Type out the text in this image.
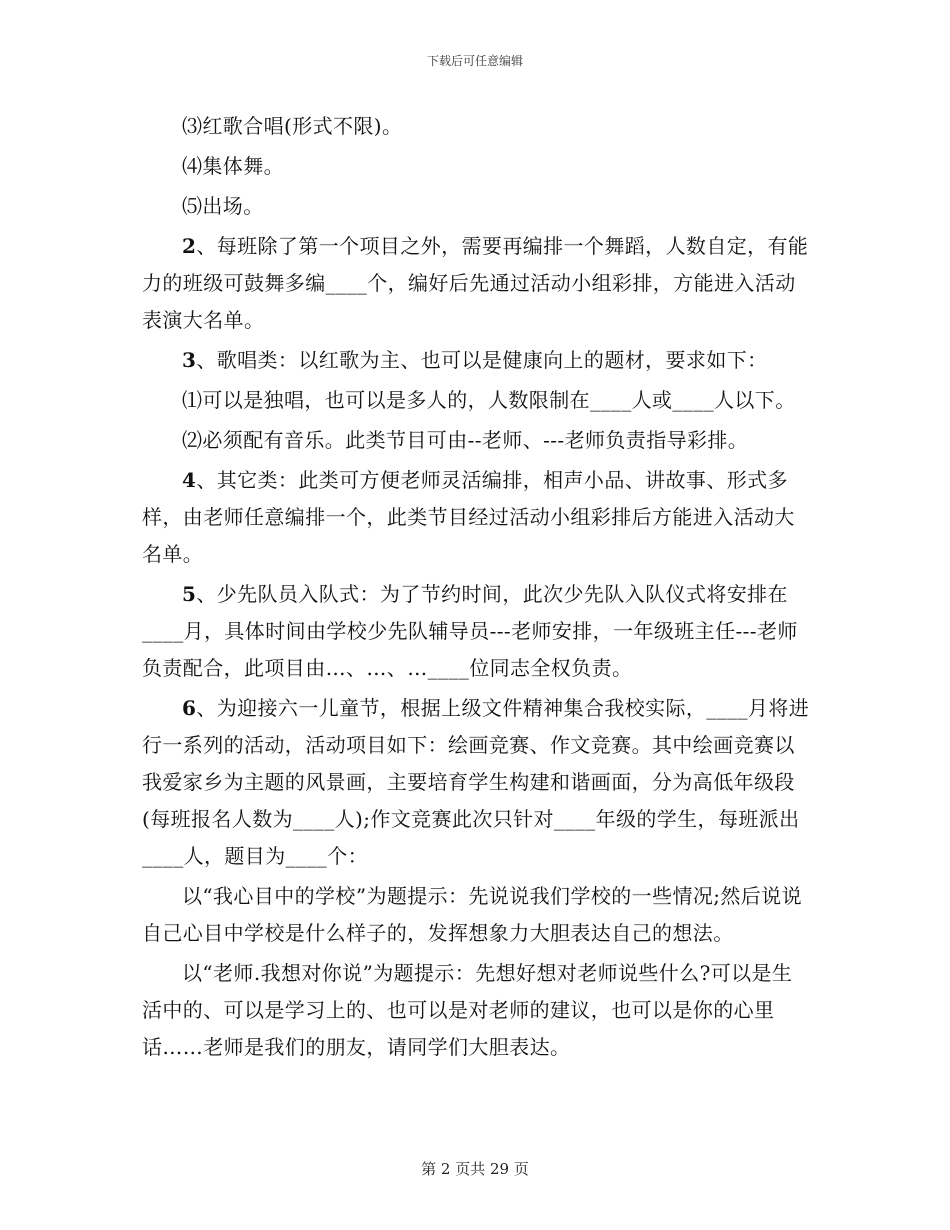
下载后可任意编辑

⑶红歌合唱(形式不限)。

⑷集体舞。

⑸出场。

2、每班除了第一个项目之外，需要再编排一个舞蹈，人数自定，有能力的班级可鼓舞多编____个，编好后先通过活动小组彩排，方能进入活动表演大名单。

3、歌唱类：以红歌为主、也可以是健康向上的题材，要求如下：

⑴可以是独唱，也可以是多人的，人数限制在____人或____人以下。

⑵必须配有音乐。此类节目可由--老师、---老师负责指导彩排。

4、其它类：此类可方便老师灵活编排，相声小品、讲故事、形式多样，由老师任意编排一个，此类节目经过活动小组彩排后方能进入活动大名单。

5、少先队员入队式：为了节约时间，此次少先队入队仪式将安排在____月，具体时间由学校少先队辅导员---老师安排，一年级班主任---老师负责配合，此项目由…、…、…____位同志全权负责。

6、为迎接六一儿童节，根据上级文件精神集合我校实际，____月将进行一系列的活动，活动项目如下：绘画竞赛、作文竞赛。其中绘画竞赛以我爱家乡为主题的风景画，主要培育学生构建和谐画面，分为高低年级段(每班报名人数为____人);作文竞赛此次只针对____年级的学生，每班派出____人，题目为____个：

以“我心目中的学校”为题提示：先说说我们学校的一些情况;然后说说自己心目中学校是什么样子的，发挥想象力大胆表达自己的想法。

以“老师.我想对你说”为题提示：先想好想对老师说些什么?可以是生活中的、可以是学习上的、也可以是对老师的建议，也可以是你的心里话……老师是我们的朋友，请同学们大胆表达。

第 2 页共 29 页
